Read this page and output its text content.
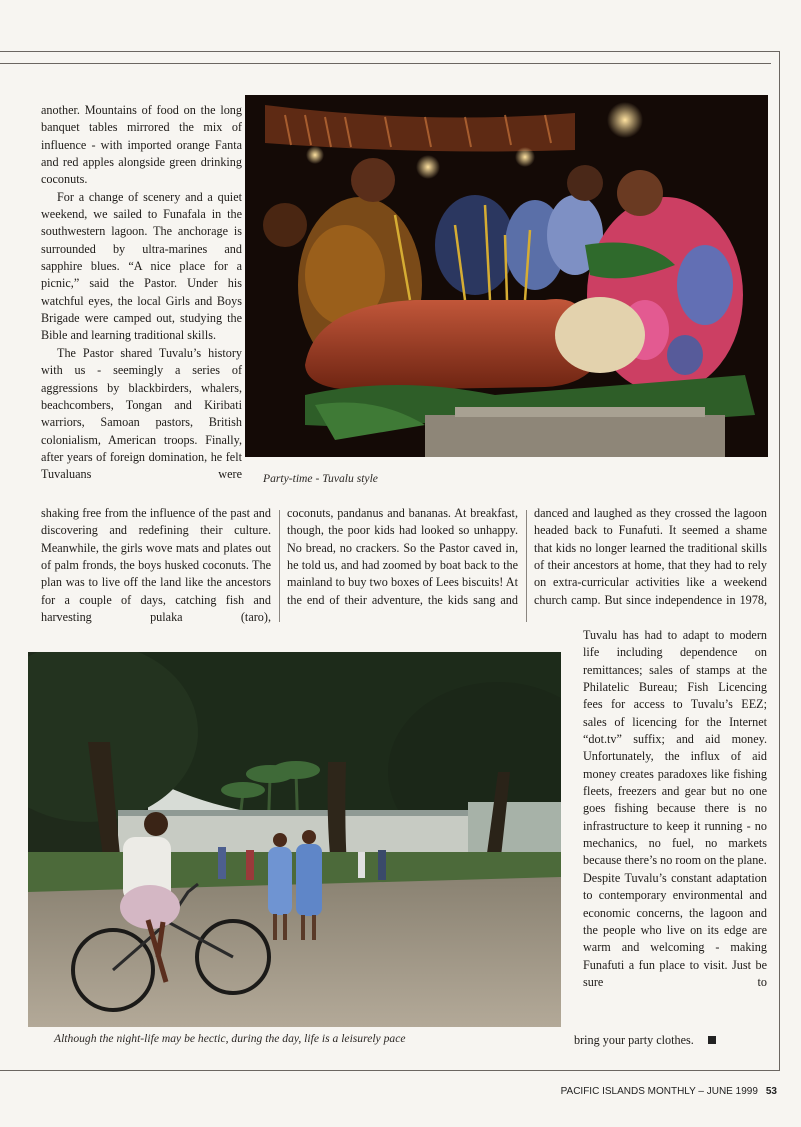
Party-time - Tuvalu style

another. Mountains of food on the long banquet tables mirrored the mix of influence - with imported orange Fanta and red apples alongside green drinking coconuts.

For a change of scenery and a quiet weekend, we sailed to Funafala in the southwestern lagoon. The anchorage is surrounded by ultra-marines and sapphire blues. “A nice place for a picnic,” said the Pastor. Under his watchful eyes, the local Girls and Boys Brigade were camped out, studying the Bible and learning traditional skills.

The Pastor shared Tuvalu’s history with us - seemingly a series of aggressions by blackbirders, whalers, beachcombers, Tongan and Kiribati warriors, Samoan pastors, British colonialism, American troops. Finally, after years of foreign domination, he felt Tuvaluans were

shaking free from the influence of the past and discovering and redefining their culture. Meanwhile, the girls wove mats and plates out of palm fronds, the boys husked coconuts. The plan was to live off the land like the ancestors for a couple of days, catching fish and harvesting pulaka (taro),

coconuts, pandanus and bananas. At breakfast, though, the poor kids had looked so unhappy. No bread, no crackers. So the Pastor caved in, he told us, and had zoomed by boat back to the mainland to buy two boxes of Lees biscuits! At the end of their adventure, the kids sang and

danced and laughed as they crossed the lagoon headed back to Funafuti. It seemed a shame that kids no longer learned the traditional skills of their ancestors at home, that they had to rely on extra-curricular activities like a weekend church camp. But since independence in 1978,

Although the night-life may be hectic, during the day, life is a leisurely pace

Tuvalu has had to adapt to modern life including dependence on remittances; sales of stamps at the Philatelic Bureau; Fish Licencing fees for access to Tuvalu’s EEZ; sales of licencing for the Internet “dot.tv” suffix; and aid money.

Unfortunately, the influx of aid money creates paradoxes like fishing fleets, freezers and gear but no one goes fishing because there is no infrastructure to keep it running - no mechanics, no fuel, no markets because there’s no room on the plane.

Despite Tuvalu’s constant adaptation to contemporary environmental and economic concerns, the lagoon and the people who live on its edge are warm and welcoming - making Funafuti a fun place to visit. Just be sure to

bring your party clothes.

PACIFIC ISLANDS MONTHLY – JUNE 1999 53
